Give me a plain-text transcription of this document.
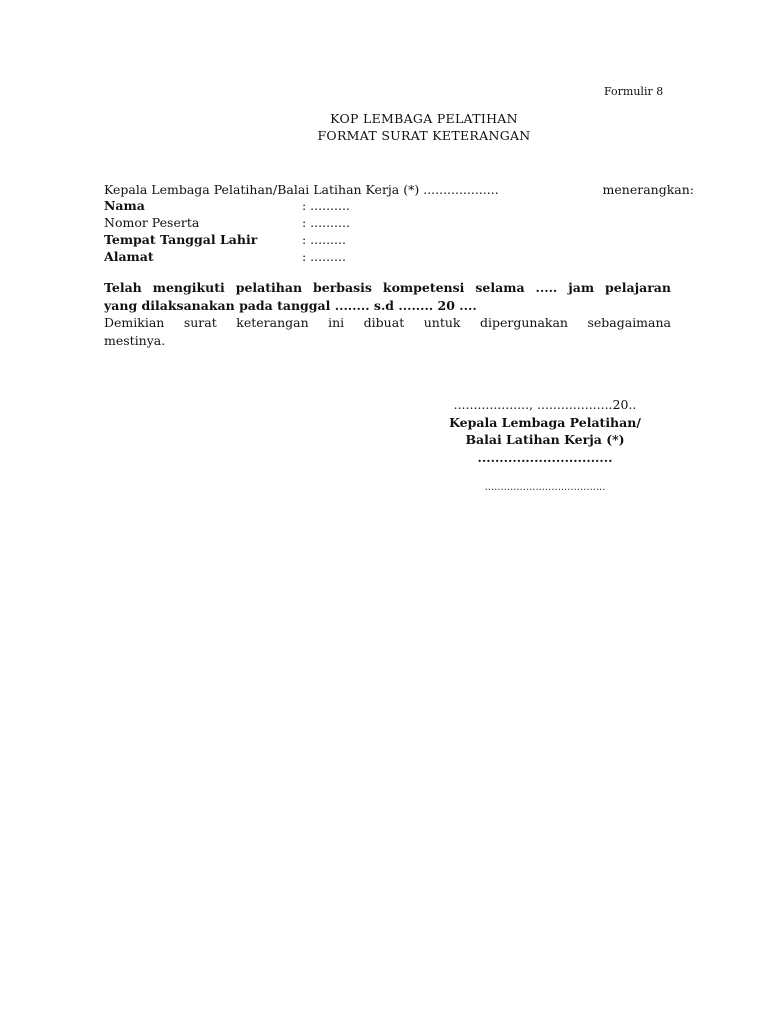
Formulir 8
KOP LEMBAGA PELATIHAN
FORMAT SURAT KETERANGAN
Kepala Lembaga Pelatihan/Balai Latihan Kerja (*) ...................	menerangkan:
Nama	: ..........
Nomor Peserta	: ..........
Tempat Tanggal Lahir	: .........
Alamat	: .........
Telah mengikuti pelatihan berbasis kompetensi selama ..... jam pelajaran
yang dilaksanakan pada tanggal ........ s.d ........ 20 ....
Demikian surat keterangan ini dibuat untuk dipergunakan sebagaimana
mestinya.
..................., ...................20..
Kepala Lembaga Pelatihan/
Balai Latihan Kerja (*)
...............................
......................................
